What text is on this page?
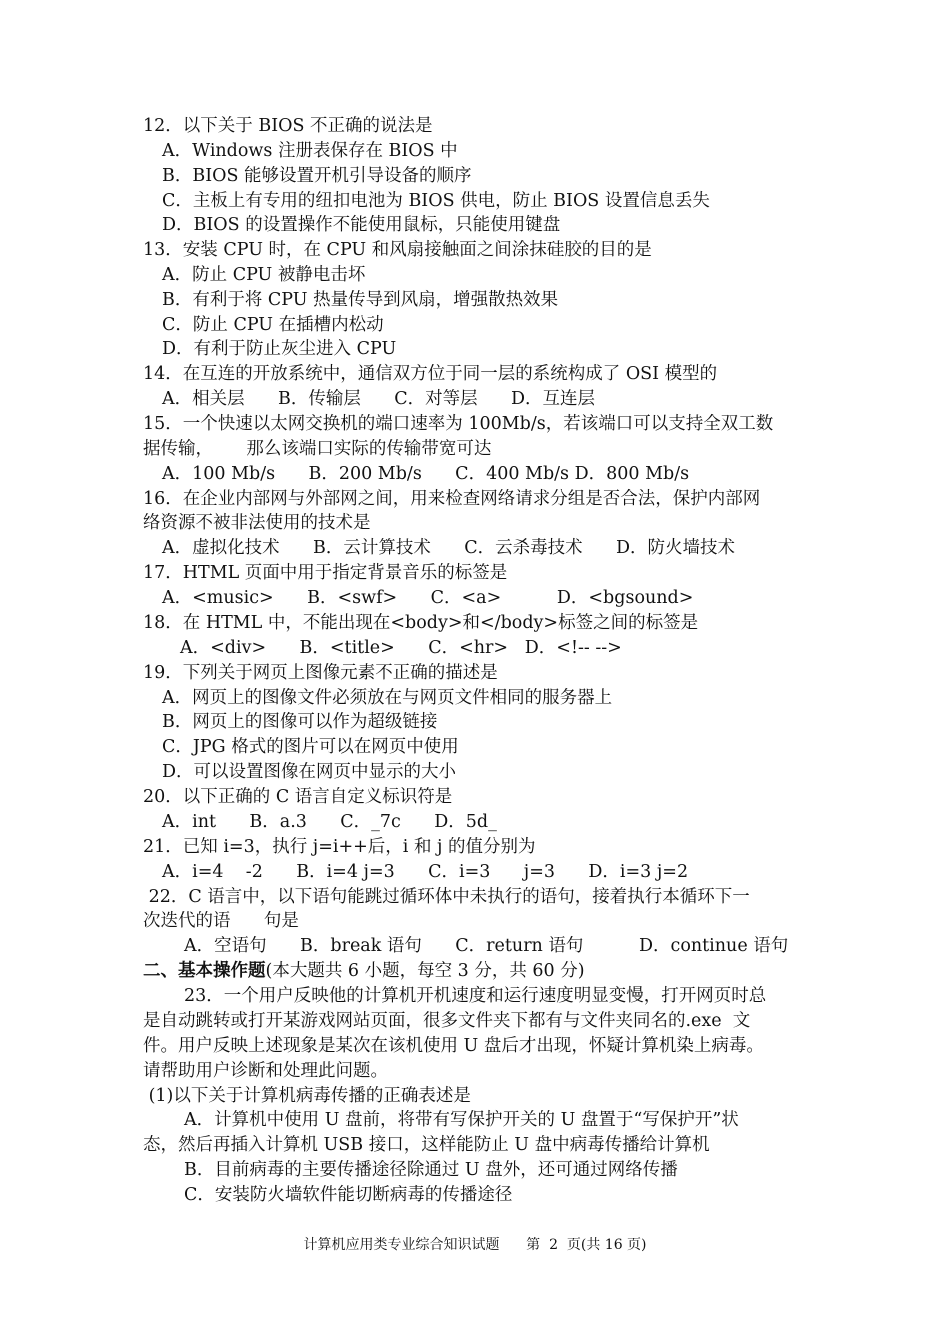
12．以下关于 BIOS 不正确的说法是
A．Windows 注册表保存在 BIOS 中
B．BIOS 能够设置开机引导设备的顺序
C．主板上有专用的纽扣电池为 BIOS 供电，防止 BIOS 设置信息丢失
D．BIOS 的设置操作不能使用鼠标，只能使用键盘
13．安装 CPU 时，在 CPU 和风扇接触面之间涂抹硅胶的目的是
A．防止 CPU 被静电击坏
B．有利于将 CPU 热量传导到风扇，增强散热效果
C．防止 CPU 在插槽内松动
D．有利于防止灰尘进入 CPU
14．在互连的开放系统中，通信双方位于同一层的系统构成了 OSI 模型的
A．相关层      B．传输层      C．对等层      D．互连层
15．一个快速以太网交换机的端口速率为 100Mb/s，若该端口可以支持全双工数
据传输，      那么该端口实际的传输带宽可达
A．100 Mb/s      B．200 Mb/s      C．400 Mb/s D．800 Mb/s
16．在企业内部网与外部网之间，用来检查网络请求分组是否合法，保护内部网
络资源不被非法使用的技术是
A．虚拟化技术      B．云计算技术      C．云杀毒技术      D．防火墙技术
17．HTML 页面中用于指定背景音乐的标签是
A．<music>      B．<swf>      C．<a>          D．<bgsound>
18．在 HTML 中，不能出现在<body>和</body>标签之间的标签是
A．<div>      B．<title>      C．<hr>   D．<!-- -->
19．下列关于网页上图像元素不正确的描述是
A．网页上的图像文件必须放在与网页文件相同的服务器上
B．网页上的图像可以作为超级链接
C．JPG 格式的图片可以在网页中使用
D．可以设置图像在网页中显示的大小
20．以下正确的 C 语言自定义标识符是
A．int      B．a.3      C．_7c      D．5d_
21．已知 i=3，执行 j=i++后，i 和 j 的值分别为
A．i=4    -2      B．i=4 j=3      C．i=3      j=3      D．i=3 j=2
22．C 语言中，以下语句能跳过循环体中未执行的语句，接着执行本循环下一
次迭代的语      句是
A．空语句      B．break 语句      C．return 语句          D．continue 语句
二、基本操作题(本大题共 6 小题，每空 3 分，共 60 分)
23．一个用户反映他的计算机开机速度和运行速度明显变慢，打开网页时总
是自动跳转或打开某游戏网站页面，很多文件夹下都有与文件夹同名的.exe  文
件。用户反映上述现象是某次在该机使用 U 盘后才出现，怀疑计算机染上病毒。
请帮助用户诊断和处理此问题。
(1)以下关于计算机病毒传播的正确表述是
A．计算机中使用 U 盘前，将带有写保护开关的 U 盘置于“写保护开”状
态，然后再插入计算机 USB 接口，这样能防止 U 盘中病毒传播给计算机
B．目前病毒的主要传播途径除通过 U 盘外，还可通过网络传播
C．安装防火墙软件能切断病毒的传播途径
计算机应用类专业综合知识试题      第  2  页(共 16 页)
